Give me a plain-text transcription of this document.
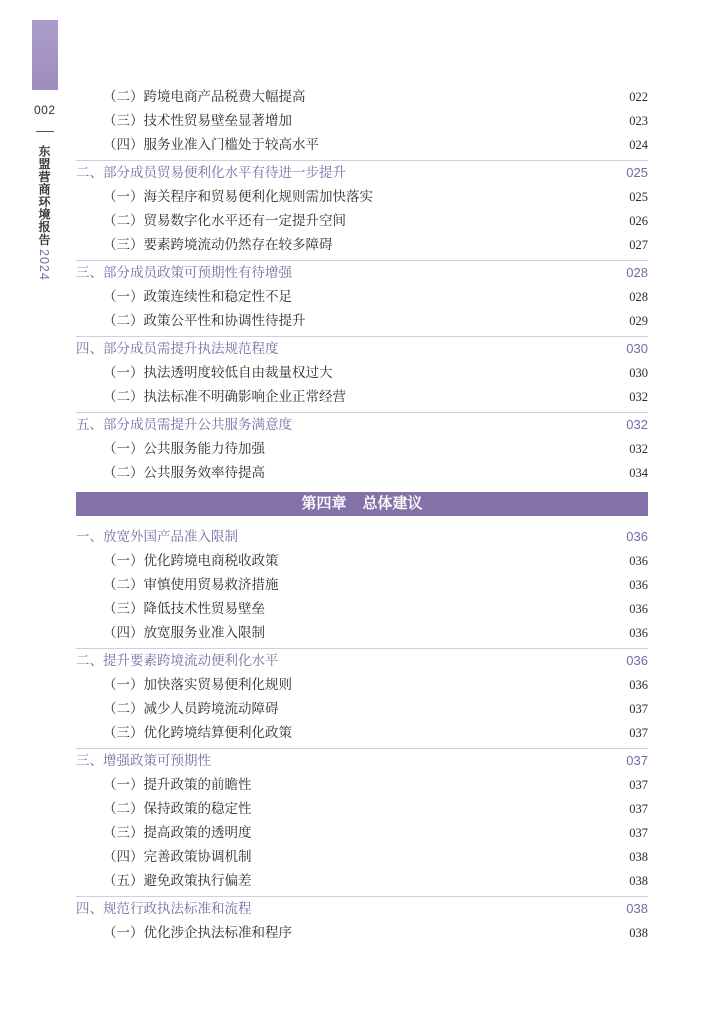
002
东盟营商环境报告2024
（二）跨境电商产品税费大幅提高	022
（三）技术性贸易壁垒显著增加	023
（四）服务业准入门槛处于较高水平	024
二、部分成员贸易便利化水平有待进一步提升	025
（一）海关程序和贸易便利化规则需加快落实	025
（二）贸易数字化水平还有一定提升空间	026
（三）要素跨境流动仍然存在较多障碍	027
三、部分成员政策可预期性有待增强	028
（一）政策连续性和稳定性不足	028
（二）政策公平性和协调性待提升	029
四、部分成员需提升执法规范程度	030
（一）执法透明度较低自由裁量权过大	030
（二）执法标准不明确影响企业正常经营	032
五、部分成员需提升公共服务满意度	032
（一）公共服务能力待加强	032
（二）公共服务效率待提高	034
第四章 总体建议
一、放宽外国产品准入限制	036
（一）优化跨境电商税收政策	036
（二）审慎使用贸易救济措施	036
（三）降低技术性贸易壁垒	036
（四）放宽服务业准入限制	036
二、提升要素跨境流动便利化水平	036
（一）加快落实贸易便利化规则	036
（二）减少人员跨境流动障碍	037
（三）优化跨境结算便利化政策	037
三、增强政策可预期性	037
（一）提升政策的前瞻性	037
（二）保持政策的稳定性	037
（三）提高政策的透明度	037
（四）完善政策协调机制	038
（五）避免政策执行偏差	038
四、规范行政执法标准和流程	038
（一）优化涉企执法标准和程序	038
